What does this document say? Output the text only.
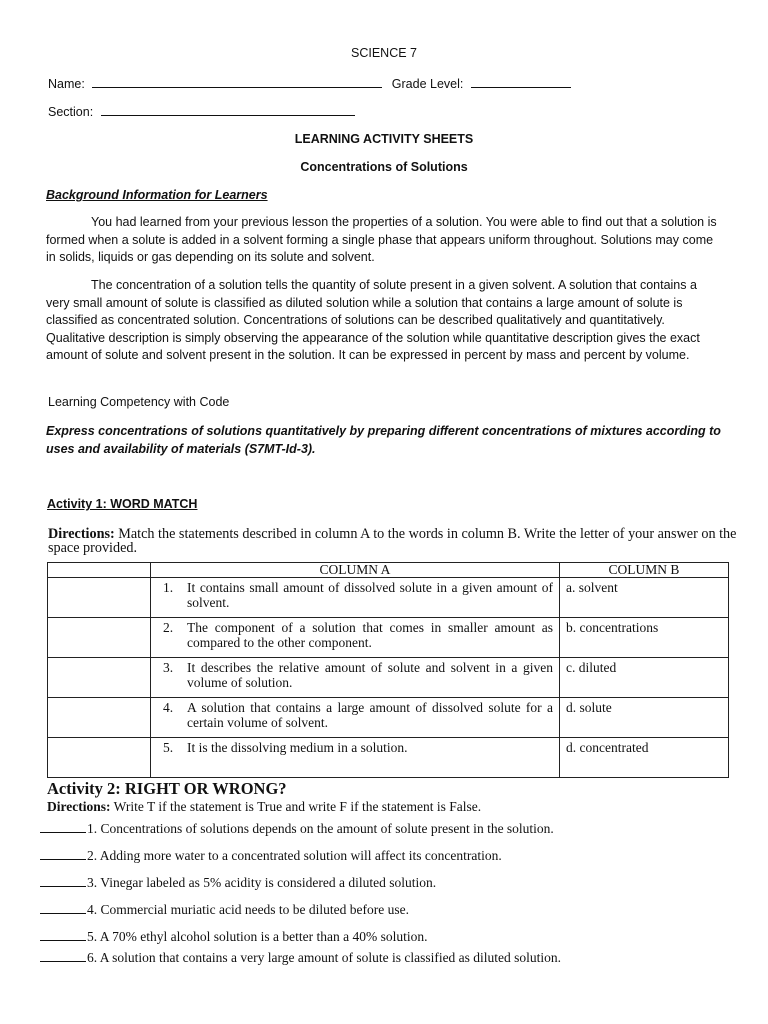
SCIENCE 7
Name:	Grade Level:
Section:
LEARNING ACTIVITY SHEETS
Concentrations of Solutions
Background Information for Learners

You had learned from your previous lesson the properties of a solution. You were able to find out that a solution is formed when a solute is added in a solvent forming a single phase that appears uniform throughout. Solutions may come in solids, liquids or gas depending on its solute and solvent.

The concentration of a solution tells the quantity of solute present in a given solvent. A solution that contains a very small amount of solute is classified as diluted solution while a solution that contains a large amount of solute is classified as concentrated solution. Concentrations of solutions can be described qualitatively and quantitatively. Qualitative description is simply observing the appearance of the solution while quantitative description gives the exact amount of solute and solvent present in the solution. It can be expressed in percent by mass and percent by volume.

Learning Competency with Code
Express concentrations of solutions quantitatively by preparing different concentrations of mixtures according to uses and availability of materials (S7MT-Id-3).
Activity 1: WORD MATCH
Directions: Match the statements described in column A to the words in column B. Write the letter of your answer on the space provided.
	COLUMN A	COLUMN B

	1. It contains small amount of dissolved solute in a given amount of solvent.	a. solvent

	2. The component of a solution that comes in smaller amount as compared to the other component.	b. concentrations

	3. It describes the relative amount of solute and solvent in a given volume of solution.	c. diluted

	4. A solution that contains a large amount of dissolved solute for a certain volume of solvent.	d. solute

	5. It is the dissolving medium in a solution.	d. concentrated
Activity 2: RIGHT OR WRONG?
Directions: Write T if the statement is True and write F if the statement is False.
1. Concentrations of solutions depends on the amount of solute present in the solution.
2. Adding more water to a concentrated solution will affect its concentration.
3. Vinegar labeled as 5% acidity is considered a diluted solution.
4. Commercial muriatic acid needs to be diluted before use.
5. A 70% ethyl alcohol solution is a better than a 40% solution.
6. A solution that contains a very large amount of solute is classified as diluted solution.
